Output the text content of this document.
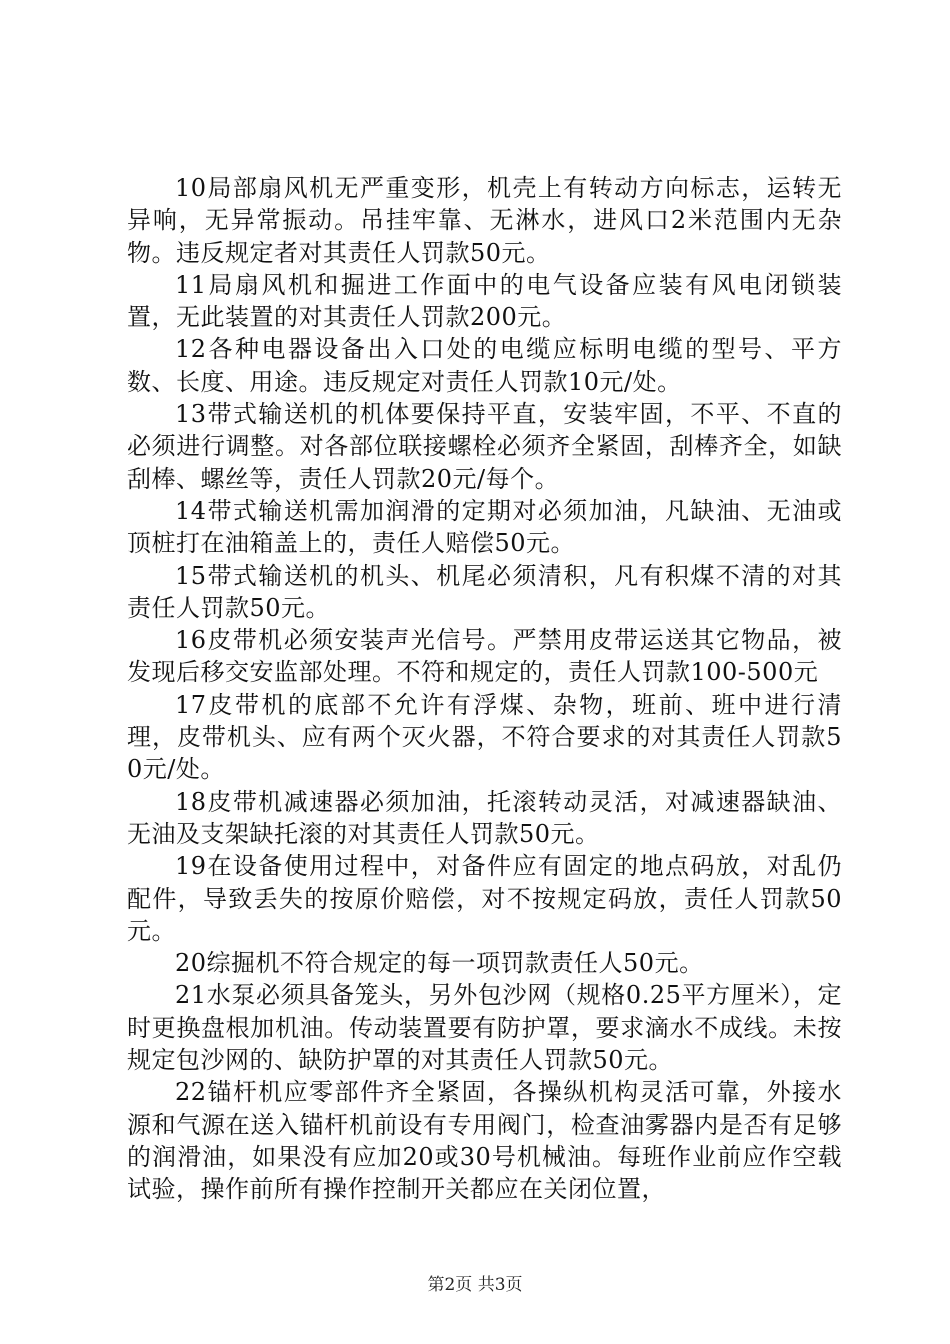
10局部扇风机无严重变形，机壳上有转动方向标志，运转无异响，无异常振动。吊挂牢靠、无淋水，进风口2米范围内无杂物。违反规定者对其责任人罚款50元。

11局扇风机和掘进工作面中的电气设备应装有风电闭锁装置，无此装置的对其责任人罚款200元。

12各种电器设备出入口处的电缆应标明电缆的型号、平方数、长度、用途。违反规定对责任人罚款10元/处。

13带式输送机的机体要保持平直，安装牢固，不平、不直的必须进行调整。对各部位联接螺栓必须齐全紧固，刮棒齐全，如缺刮棒、螺丝等，责任人罚款20元/每个。

14带式输送机需加润滑的定期对必须加油，凡缺油、无油或顶桩打在油箱盖上的，责任人赔偿50元。

15带式输送机的机头、机尾必须清积，凡有积煤不清的对其责任人罚款50元。

16皮带机必须安装声光信号。严禁用皮带运送其它物品，被发现后移交安监部处理。不符和规定的，责任人罚款100-500元

17皮带机的底部不允许有浮煤、杂物，班前、班中进行清理，皮带机头、应有两个灭火器，不符合要求的对其责任人罚款50元/处。

18皮带机减速器必须加油，托滚转动灵活，对减速器缺油、无油及支架缺托滚的对其责任人罚款50元。

19在设备使用过程中，对备件应有固定的地点码放，对乱仍配件，导致丢失的按原价赔偿，对不按规定码放，责任人罚款50元。

20综掘机不符合规定的每一项罚款责任人50元。

21水泵必须具备笼头，另外包沙网（规格0.25平方厘米），定时更换盘根加机油。传动装置要有防护罩，要求滴水不成线。未按规定包沙网的、缺防护罩的对其责任人罚款50元。

22锚杆机应零部件齐全紧固，各操纵机构灵活可靠，外接水源和气源在送入锚杆机前设有专用阀门，检查油雾器内是否有足够的润滑油，如果没有应加20或30号机械油。每班作业前应作空载试验，操作前所有操作控制开关都应在关闭位置，

第2页 共3页
